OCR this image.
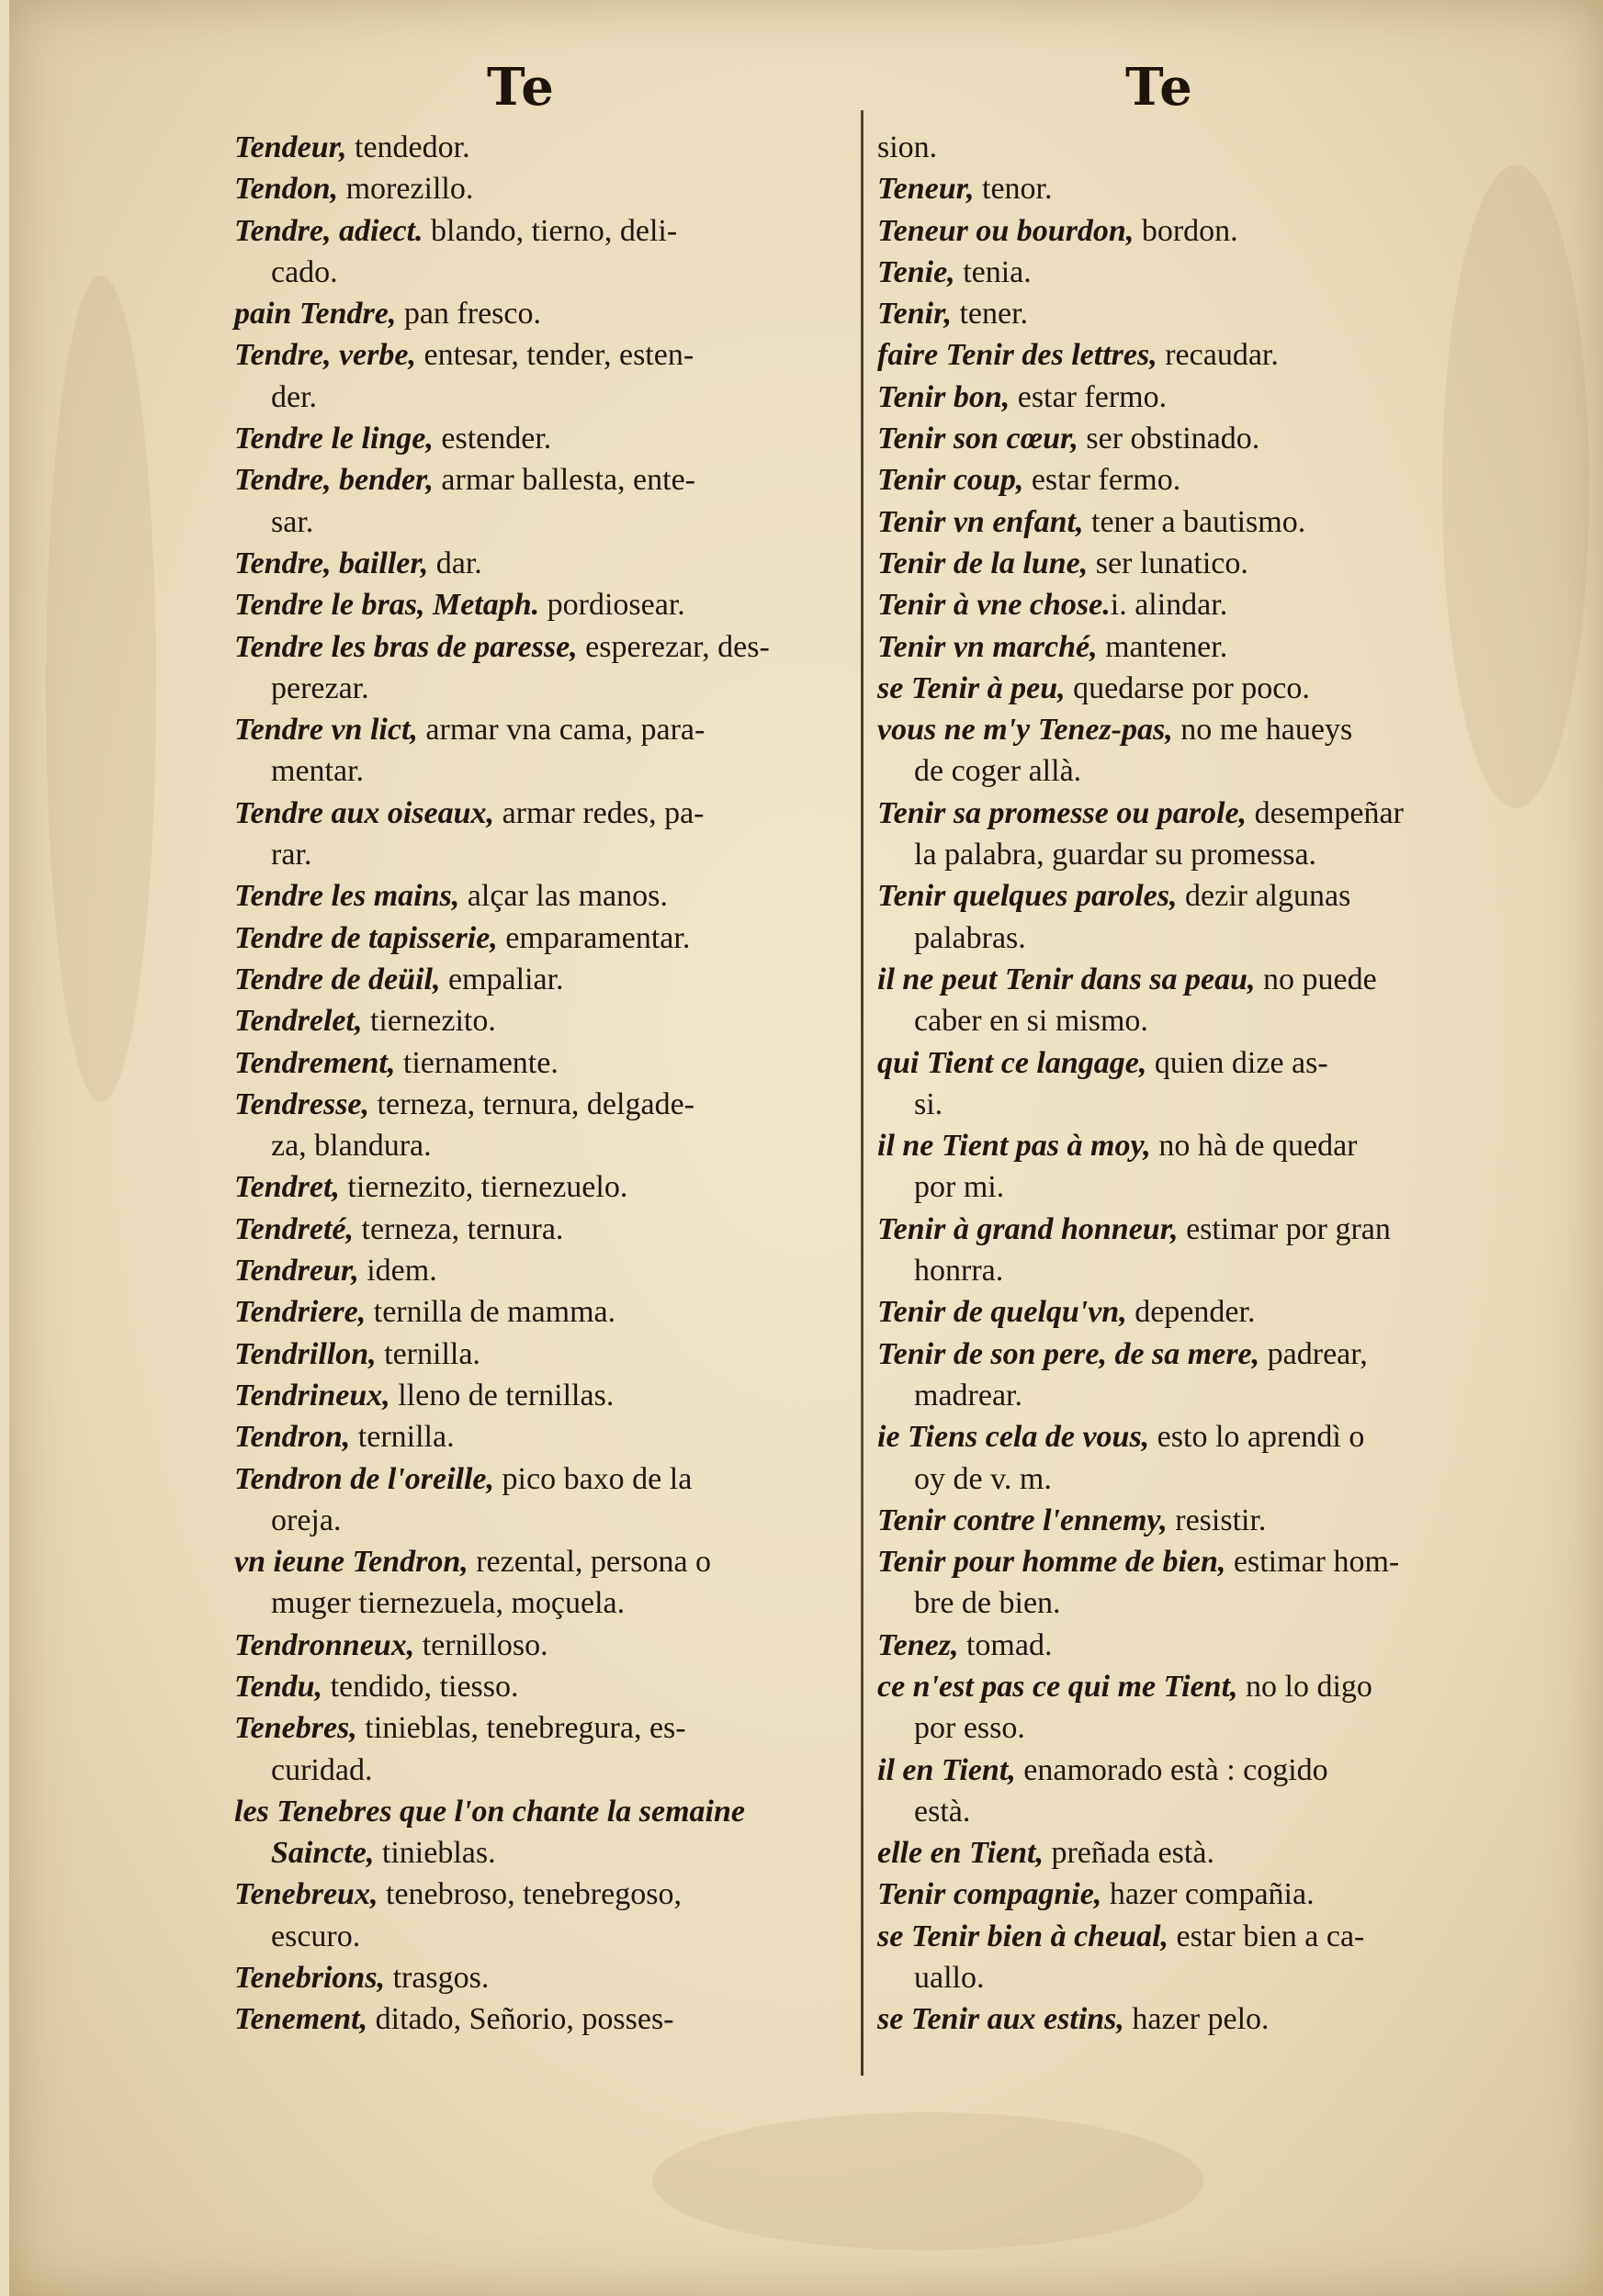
Te	Te

Tendeur, tendedor.

Tendon, morezillo.

Tendre, adiect. blando, tierno, deli-
cado.

pain Tendre, pan fresco.

Tendre, verbe, entesar, tender, esten-
der.

Tendre le linge, estender.

Tendre, bender, armar ballesta, ente-
sar.

Tendre, bailler, dar.

Tendre le bras, Metaph. pordiosear.

Tendre les bras de paresse, esperezar, des-
perezar.

Tendre vn lict, armar vna cama, para-
mentar.

Tendre aux oiseaux, armar redes, pa-
rar.

Tendre les mains, alçar las manos.

Tendre de tapisserie, emparamentar.

Tendre de deüil, empaliar.

Tendrelet, tiernezito.

Tendrement, tiernamente.

Tendresse, terneza, ternura, delgade-
za, blandura.

Tendret, tiernezito, tiernezuelo.

Tendreté, terneza, ternura.

Tendreur, idem.

Tendriere, ternilla de mamma.

Tendrillon, ternilla.

Tendrineux, lleno de ternillas.

Tendron, ternilla.

Tendron de l'oreille, pico baxo de la
oreja.

vn ieune Tendron, rezental, persona o
muger tiernezuela, moçuela.

Tendronneux, ternilloso.

Tendu, tendido, tiesso.

Tenebres, tinieblas, tenebregura, es-
curidad.

les Tenebres que l'on chante la semaine
Saincte, tinieblas.

Tenebreux, tenebroso, tenebregoso,
escuro.

Tenebrions, trasgos.

Tenement, ditado, Señorio, posses-

sion.

Teneur, tenor.

Teneur ou bourdon, bordon.

Tenie, tenia.

Tenir, tener.

faire Tenir des lettres, recaudar.

Tenir bon, estar fermo.

Tenir son cœur, ser obstinado.

Tenir coup, estar fermo.

Tenir vn enfant, tener a bautismo.

Tenir de la lune, ser lunatico.

Tenir à vne chose.i. alindar.

Tenir vn marché, mantener.

se Tenir à peu, quedarse por poco.

vous ne m'y Tenez-pas, no me haueys
de coger allà.

Tenir sa promesse ou parole, desempeñar
la palabra, guardar su promessa.

Tenir quelques paroles, dezir algunas
palabras.

il ne peut Tenir dans sa peau, no puede
caber en si mismo.

qui Tient ce langage, quien dize as-
si.

il ne Tient pas à moy, no hà de quedar
por mi.

Tenir à grand honneur, estimar por gran
honrra.

Tenir de quelqu'vn, depender.

Tenir de son pere, de sa mere, padrear,
madrear.

ie Tiens cela de vous, esto lo aprendì o
oy de v. m.

Tenir contre l'ennemy, resistir.

Tenir pour homme de bien, estimar hom-
bre de bien.

Tenez, tomad.

ce n'est pas ce qui me Tient, no lo digo
por esso.

il en Tient, enamorado està : cogido
està.

elle en Tient, preñada està.

Tenir compagnie, hazer compañia.

se Tenir bien à cheual, estar bien a ca-
uallo.

se Tenir aux estins, hazer pelo.
